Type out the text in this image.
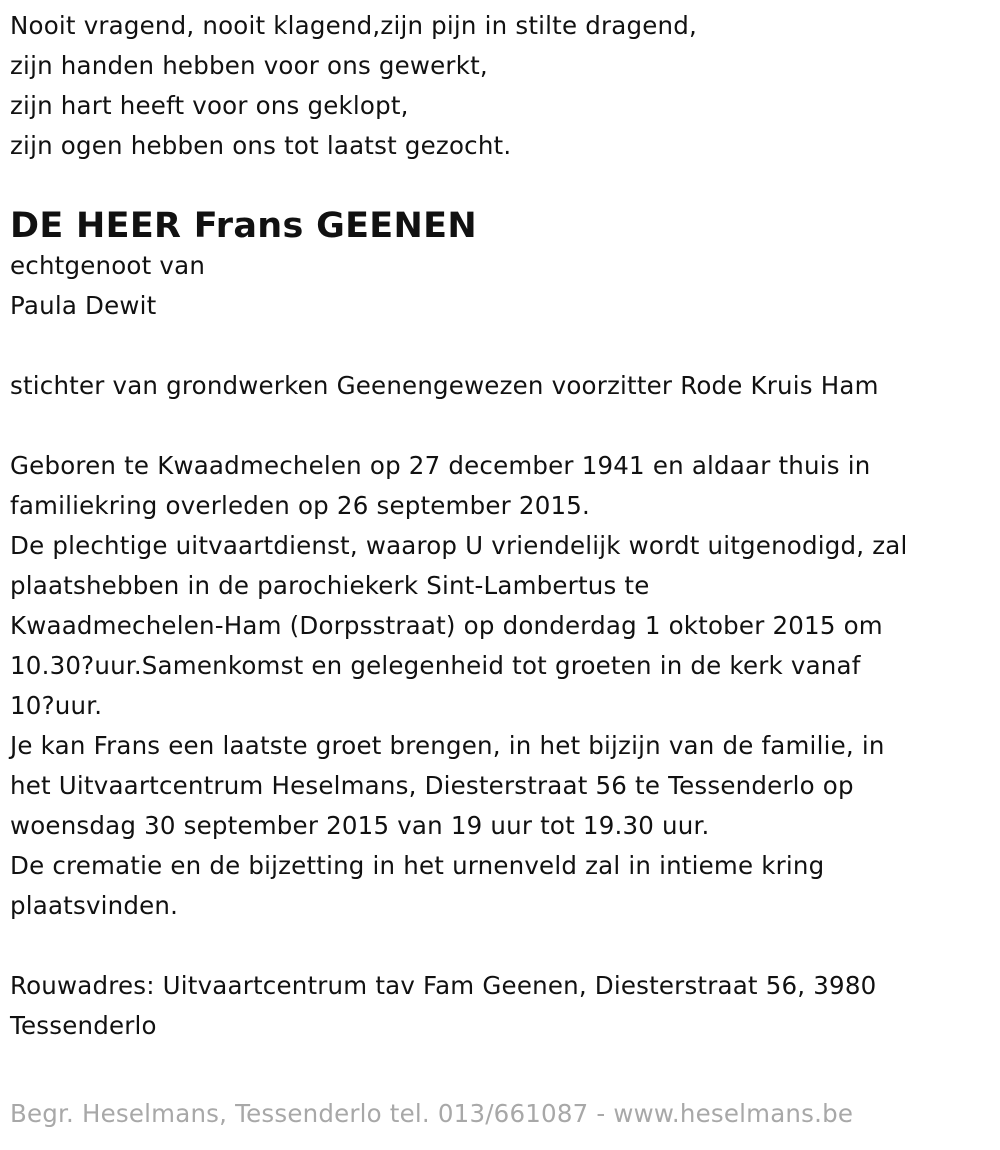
Nooit vragend, nooit klagend,zijn pijn in stilte dragend,
zijn handen hebben voor ons gewerkt,
zijn hart heeft voor ons geklopt,
zijn ogen hebben ons tot laatst gezocht.
DE HEER Frans GEENEN
echtgenoot van
Paula Dewit
stichter van grondwerken Geenengewezen voorzitter Rode Kruis Ham
Geboren te Kwaadmechelen op 27 december 1941 en aldaar thuis in
familiekring overleden op 26 september 2015.
De plechtige uitvaartdienst, waarop U vriendelijk wordt uitgenodigd, zal
plaatshebben in de parochiekerk Sint-Lambertus te
Kwaadmechelen-Ham (Dorpsstraat) op donderdag 1 oktober 2015 om
10.30?uur.Samenkomst en gelegenheid tot groeten in de kerk vanaf
10?uur.
Je kan Frans een laatste groet brengen, in het bijzijn van de familie, in
het Uitvaartcentrum Heselmans, Diesterstraat 56 te Tessenderlo op
woensdag 30 september 2015 van 19 uur tot 19.30 uur.
De crematie en de bijzetting in het urnenveld zal in intieme kring
plaatsvinden.
Rouwadres: Uitvaartcentrum tav Fam Geenen, Diesterstraat 56, 3980
Tessenderlo
Begr. Heselmans, Tessenderlo tel. 013/661087 - www.heselmans.be
